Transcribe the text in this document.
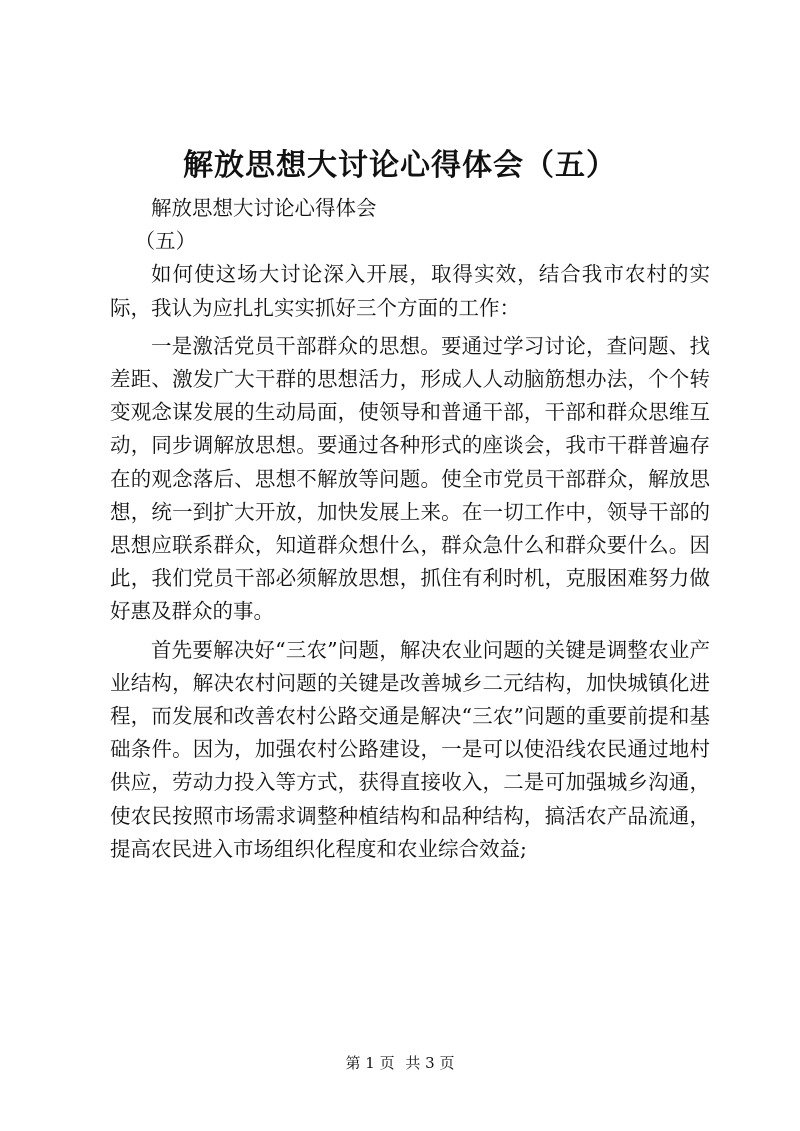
解放思想大讨论心得体会（五）

解放思想大讨论心得体会

（五）

如何使这场大讨论深入开展，取得实效，结合我市农村的实际，我认为应扎扎实实抓好三个方面的工作：

一是激活党员干部群众的思想。要通过学习讨论，查问题、找差距、激发广大干群的思想活力，形成人人动脑筋想办法，个个转变观念谋发展的生动局面，使领导和普通干部，干部和群众思维互动，同步调解放思想。要通过各种形式的座谈会，我市干群普遍存在的观念落后、思想不解放等问题。使全市党员干部群众，解放思想，统一到扩大开放，加快发展上来。在一切工作中，领导干部的思想应联系群众，知道群众想什么，群众急什么和群众要什么。因此，我们党员干部必须解放思想，抓住有利时机，克服困难努力做好惠及群众的事。

首先要解决好“三农”问题，解决农业问题的关键是调整农业产业结构，解决农村问题的关键是改善城乡二元结构，加快城镇化进程，而发展和改善农村公路交通是解决“三农”问题的重要前提和基础条件。因为，加强农村公路建设，一是可以使沿线农民通过地村供应，劳动力投入等方式，获得直接收入，二是可加强城乡沟通，使农民按照市场需求调整种植结构和品种结构，搞活农产品流通，提高农民进入市场组织化程度和农业综合效益;

第 1 页 共 3 页
